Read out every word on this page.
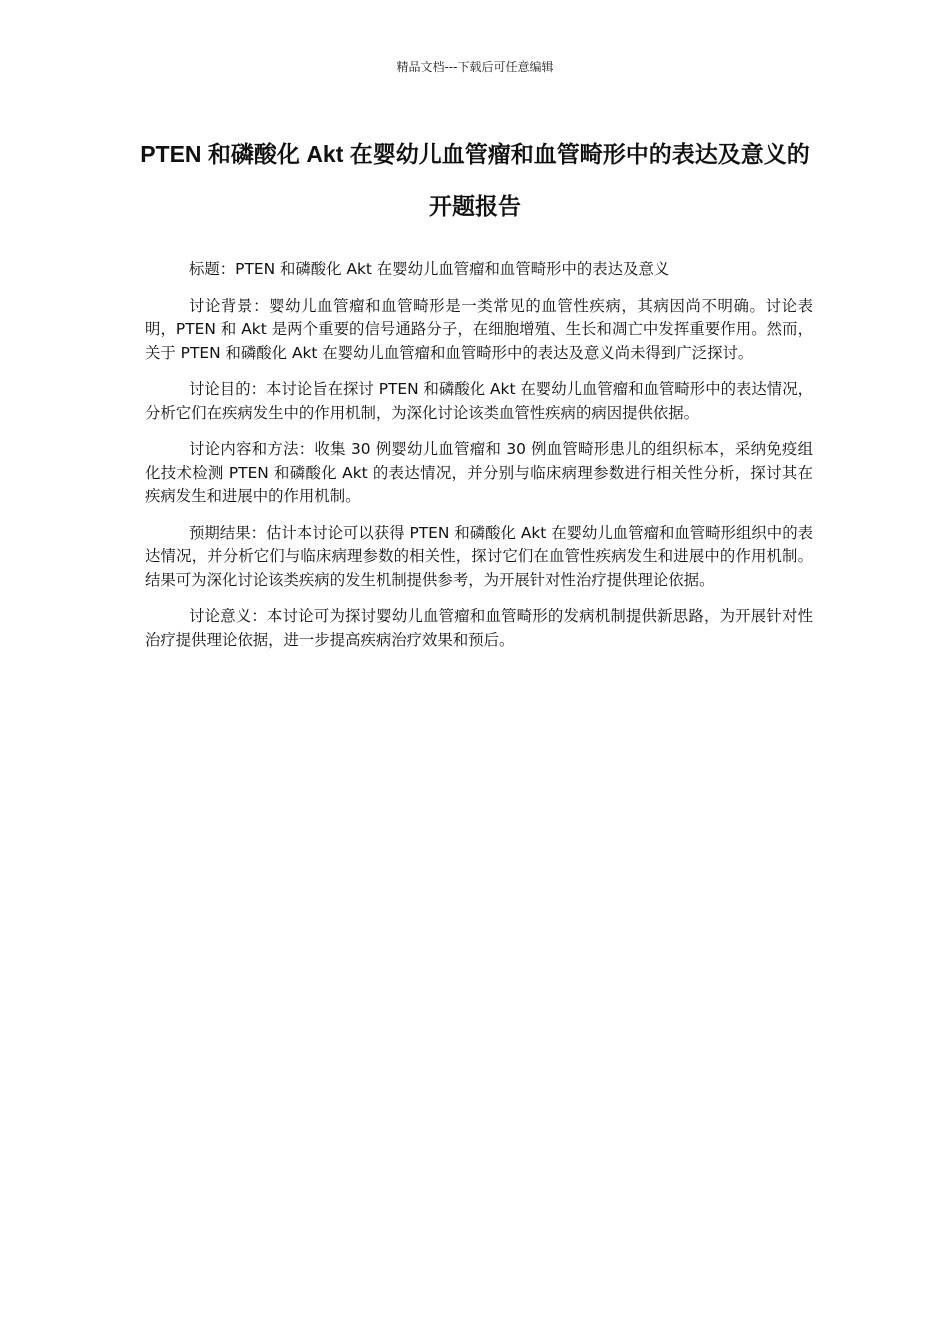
精品文档---下载后可任意编辑
PTEN 和磷酸化 Akt 在婴幼儿血管瘤和血管畸形中的表达及意义的开题报告

标题：PTEN 和磷酸化 Akt 在婴幼儿血管瘤和血管畸形中的表达及意义

讨论背景：婴幼儿血管瘤和血管畸形是一类常见的血管性疾病，其病因尚不明确。讨论表明，PTEN 和 Akt 是两个重要的信号通路分子，在细胞增殖、生长和凋亡中发挥重要作用。然而，关于 PTEN 和磷酸化 Akt 在婴幼儿血管瘤和血管畸形中的表达及意义尚未得到广泛探讨。

讨论目的：本讨论旨在探讨 PTEN 和磷酸化 Akt 在婴幼儿血管瘤和血管畸形中的表达情况，分析它们在疾病发生中的作用机制，为深化讨论该类血管性疾病的病因提供依据。

讨论内容和方法：收集 30 例婴幼儿血管瘤和 30 例血管畸形患儿的组织标本，采纳免疫组化技术检测 PTEN 和磷酸化 Akt 的表达情况，并分别与临床病理参数进行相关性分析，探讨其在疾病发生和进展中的作用机制。

预期结果：估计本讨论可以获得 PTEN 和磷酸化 Akt 在婴幼儿血管瘤和血管畸形组织中的表达情况，并分析它们与临床病理参数的相关性，探讨它们在血管性疾病发生和进展中的作用机制。结果可为深化讨论该类疾病的发生机制提供参考，为开展针对性治疗提供理论依据。

讨论意义：本讨论可为探讨婴幼儿血管瘤和血管畸形的发病机制提供新思路，为开展针对性治疗提供理论依据，进一步提高疾病治疗效果和预后。
